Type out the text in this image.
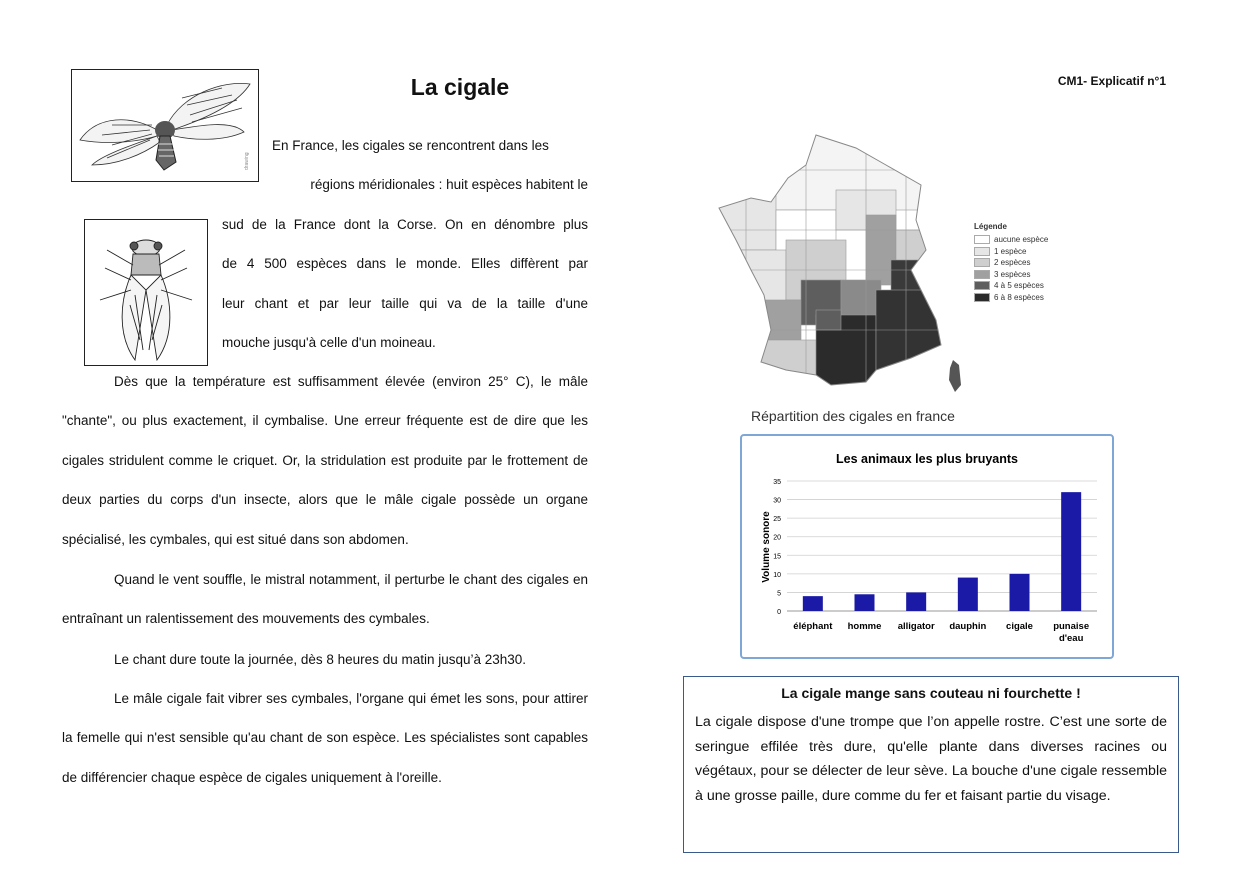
La cigale	CM1- Explicatif n°1
drawing
En France, les cigales se rencontrent dans les
régions méridionales : huit espèces habitent le
sud de la France dont la Corse. On en dénombre plus
de 4 500 espèces dans le monde. Elles diffèrent par
leur chant et par leur taille qui va de la taille d'une
mouche jusqu'à celle d'un moineau.
Dès que la température est suffisamment élevée (environ 25° C), le mâle "chante", ou plus exactement, il cymbalise. Une erreur fréquente est de dire que les cigales stridulent comme le criquet. Or, la stridulation est produite par le frottement de deux parties du corps d'un insecte, alors que le mâle cigale possède un organe spécialisé, les cymbales, qui est situé dans son abdomen.
Quand le vent souffle, le mistral notamment, il perturbe le chant des cigales en entraînant un ralentissement des mouvements des cymbales.
Le chant dure toute la journée, dès 8 heures du matin jusqu’à 23h30.
Le mâle cigale fait vibrer ses cymbales, l'organe qui émet les sons, pour attirer la femelle qui n'est sensible qu'au chant de son espèce. Les spécialistes sont capables de différencier chaque espèce de cigales uniquement à l'oreille.
Légende
aucune espèce
1 espèce
2 espèces
3 espèces
4 à 5 espèces
6 à 8 espèces
Répartition des cigales en france
Les animaux les plus bruyants
Volume sonore
0
5
10
15
20
25
30
35
éléphant homme alligator dauphin cigale punaise
d'eau
La cigale mange sans couteau ni fourchette !
La cigale dispose d'une trompe que l’on appelle rostre. C’est une sorte de seringue effilée très dure, qu'elle plante dans diverses racines ou végétaux, pour se délecter de leur sève. La bouche d'une cigale ressemble à une grosse paille, dure comme du fer et faisant partie du visage.
